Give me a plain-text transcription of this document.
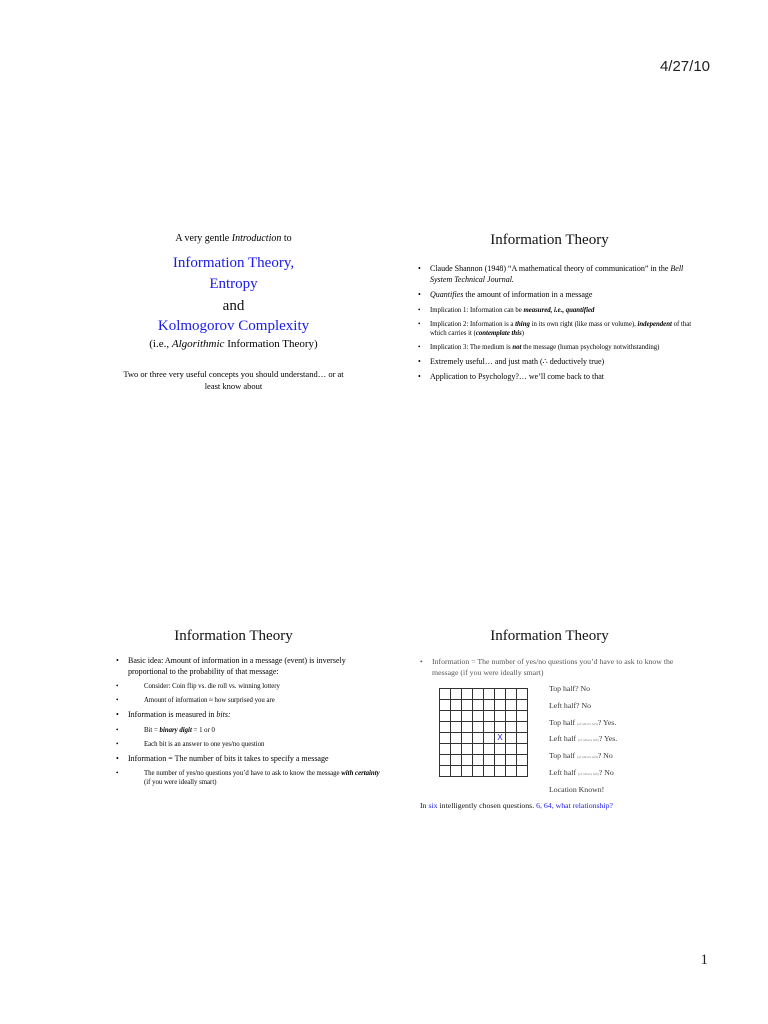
4/27/10
A very gentle Introduction to
Information Theory,
Entropy
and
Kolmogorov Complexity
(i.e., Algorithmic Information Theory)
Two or three very useful concepts you should understand… or at least know about
Information Theory
• Claude Shannon (1948) “A mathematical theory of communication” in the Bell System Technical Journal.
• Quantifies the amount of information in a message
• Implication 1: Information can be measured, i.e., quantified
• Implication 2: Information is a thing in its own right (like mass or volume), independent of that which carries it (contemplate this)
• Implication 3: The medium is not the message (human psychology notwithstanding)
• Extremely useful… and just math (∴ deductively true)
• Application to Psychology?… we’ll come back to that
Information Theory
• Basic idea: Amount of information in a message (event) is inversely proportional to the probability of that message:
• Consider: Coin flip vs. die roll vs. winning lottery
• Amount of information ≈ how surprised you are
• Information is measured in bits:
• Bit = binary digit = 1 or 0
• Each bit is an answer to one yes/no question
• Information = The number of bits it takes to specify a message
• The number of yes/no questions you’d have to ask to know the message with certainty (if you were ideally smart)
Information Theory
• Information = The number of yes/no questions you’d have to ask to know the message (if you were ideally smart)

					X		

Top half? No
Left half? No
Top half (of what’s left)? Yes.
Left half (of what’s left)? Yes.
Top half (of what’s left)? No
Left half (of what’s left)? No
Location Known!
In six intelligently chosen questions. 6, 64, what relationship?
1
